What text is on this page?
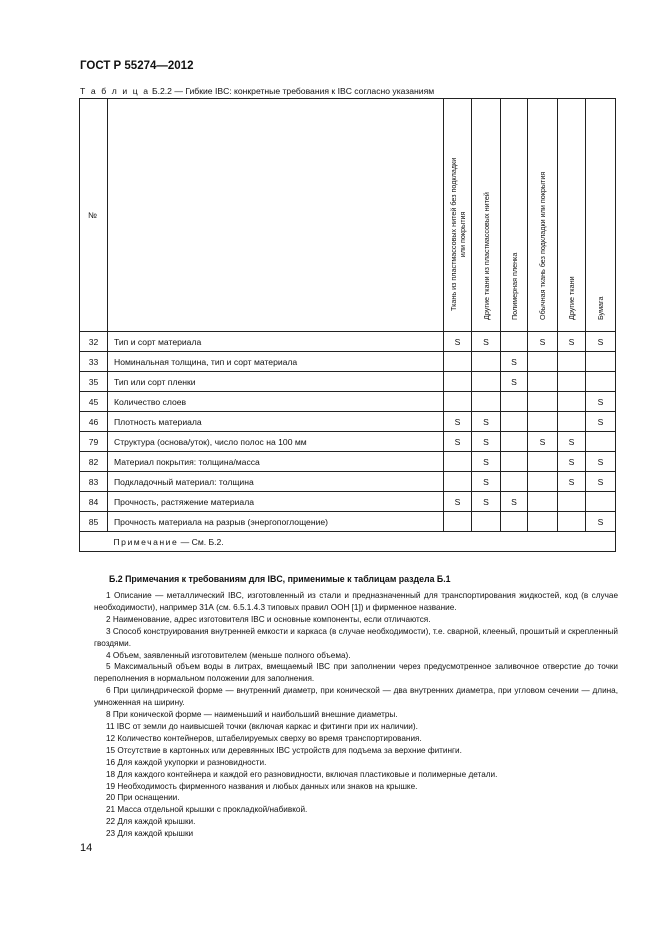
ГОСТ Р 55274—2012
Т а б л и ц а Б.2.2 — Гибкие IBC: конкретные требования к IBC согласно указаниям
№		Ткань из пластмассовых нитей без подкладки или покрытия	Другие ткани из пластмассовых нитей	Полимерная пленка	Обычная ткань без подкладки или покрытия	Другие ткани	Бумага

32	Тип и сорт материала	S	S		S	S	S
33	Номинальная толщина, тип и сорт материала			S			
35	Тип или сорт пленки			S			
45	Количество слоев						S
46	Плотность материала	S	S				S
79	Структура (основа/уток), число полос на 100 мм	S	S		S	S	
82	Материал покрытия: толщина/масса		S			S	S
83	Подкладочный материал: толщина		S			S	S
84	Прочность, растяжение материала	S	S	S			
85	Прочность материала на разрыв (энергопоглощение)						S
	Примечание — См. Б.2.						
Б.2 Примечания к требованиям для IBC, применимые к таблицам раздела Б.1

1 Описание — металлический IBC, изготовленный из стали и предназначенный для транспортирования жидкостей, код (в случае необходимости), например 31А (см. 6.5.1.4.3 типовых правил ООН [1]) и фирменное название.

2 Наименование, адрес изготовителя IBC и основные компоненты, если отличаются.

3 Способ конструирования внутренней емкости и каркаса (в случае необходимости), т.е. сварной, клееный, прошитый и скрепленный гвоздями.

4 Объем, заявленный изготовителем (меньше полного объема).

5 Максимальный объем воды в литрах, вмещаемый IBC при заполнении через предусмотренное заливочное отверстие до точки переполнения в нормальном положении для заполнения.

6 При цилиндрической форме — внутренний диаметр, при конической — два внутренних диаметра, при угловом сечении — длина, умноженная на ширину.

8 При конической форме — наименьший и наибольший внешние диаметры.

11 IBC от земли до наивысшей точки (включая каркас и фитинги при их наличии).

12 Количество контейнеров, штабелируемых сверху во время транспортирования.

15 Отсутствие в картонных или деревянных IBC устройств для подъема за верхние фитинги.

16 Для каждой укупорки и разновидности.

18 Для каждого контейнера и каждой его разновидности, включая пластиковые и полимерные детали.

19 Необходимость фирменного названия и любых данных или знаков на крышке.

20 При оснащении.

21 Масса отдельной крышки с прокладкой/набивкой.

22 Для каждой крышки.

23 Для каждой крышки

14
